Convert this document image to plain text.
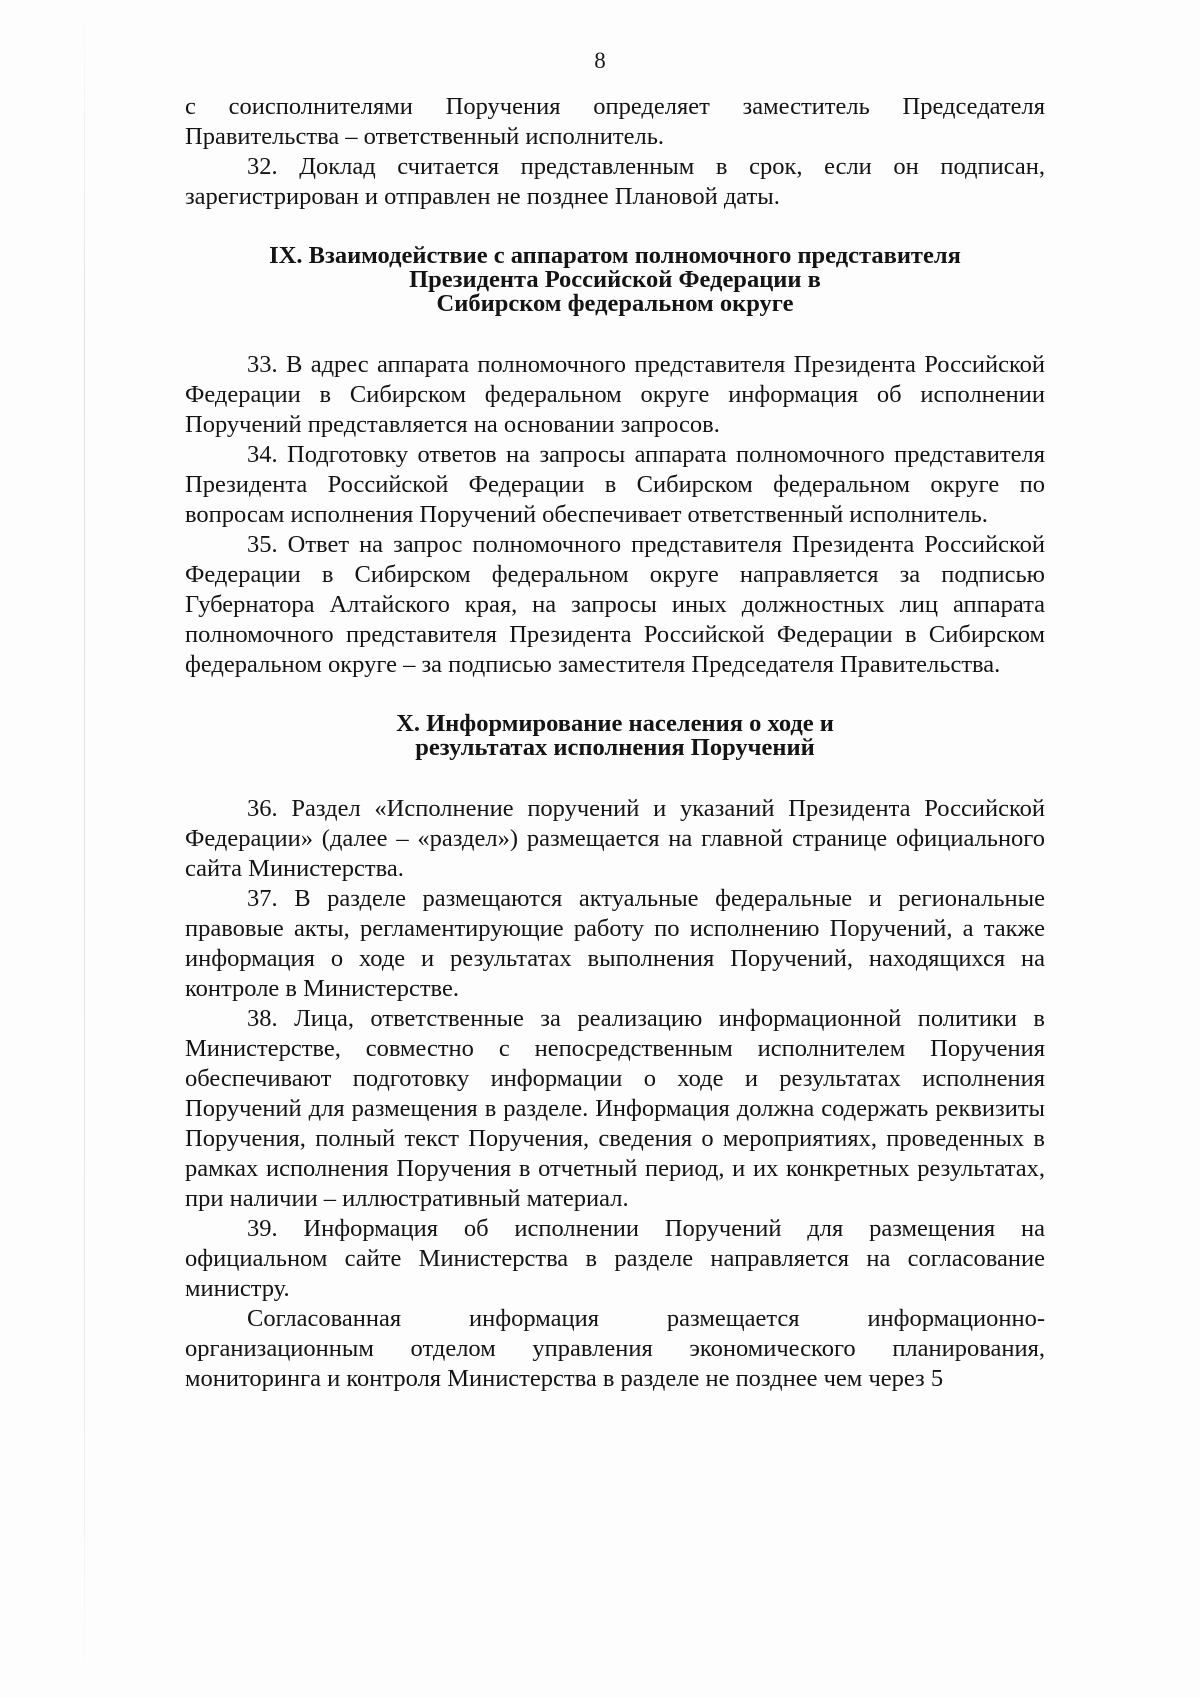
8

с соисполнителями Поручения определяет заместитель Председателя Правительства – ответственный исполнитель.

32. Доклад считается представленным в срок, если он подписан, зарегистрирован и отправлен не позднее Плановой даты.

IX. Взаимодействие с аппаратом полномочного представителя
Президента Российской Федерации в
Сибирском федеральном округе

33. В адрес аппарата полномочного представителя Президента Российской Федерации в Сибирском федеральном округе информация об исполнении Поручений представляется на основании запросов.

34. Подготовку ответов на запросы аппарата полномочного представителя Президента Российской Федерации в Сибирском федеральном округе по вопросам исполнения Поручений обеспечивает ответственный исполнитель.

35. Ответ на запрос полномочного представителя Президента Российской Федерации в Сибирском федеральном округе направляется за подписью Губернатора Алтайского края, на запросы иных должностных лиц аппарата полномочного представителя Президента Российской Федерации в Сибирском федеральном округе – за подписью заместителя Председателя Правительства.

X. Информирование населения о ходе и
результатах исполнения Поручений

36. Раздел «Исполнение поручений и указаний Президента Российской Федерации» (далее – «раздел») размещается на главной странице официального сайта Министерства.

37. В разделе размещаются актуальные федеральные и региональные правовые акты, регламентирующие работу по исполнению Поручений, а также информация о ходе и результатах выполнения Поручений, находящихся на контроле в Министерстве.

38. Лица, ответственные за реализацию информационной политики в Министерстве, совместно с непосредственным исполнителем Поручения обеспечивают подготовку информации о ходе и результатах исполнения Поручений для размещения в разделе. Информация должна содержать реквизиты Поручения, полный текст Поручения, сведения о мероприятиях, проведенных в рамках исполнения Поручения в отчетный период, и их конкретных результатах, при наличии – иллюстративный материал.

39. Информация об исполнении Поручений для размещения на официальном сайте Министерства в разделе направляется на согласование министру.

Согласованная информация размещается информационно-организационным отделом управления экономического планирования, мониторинга и контроля Министерства в разделе не позднее чем через 5
